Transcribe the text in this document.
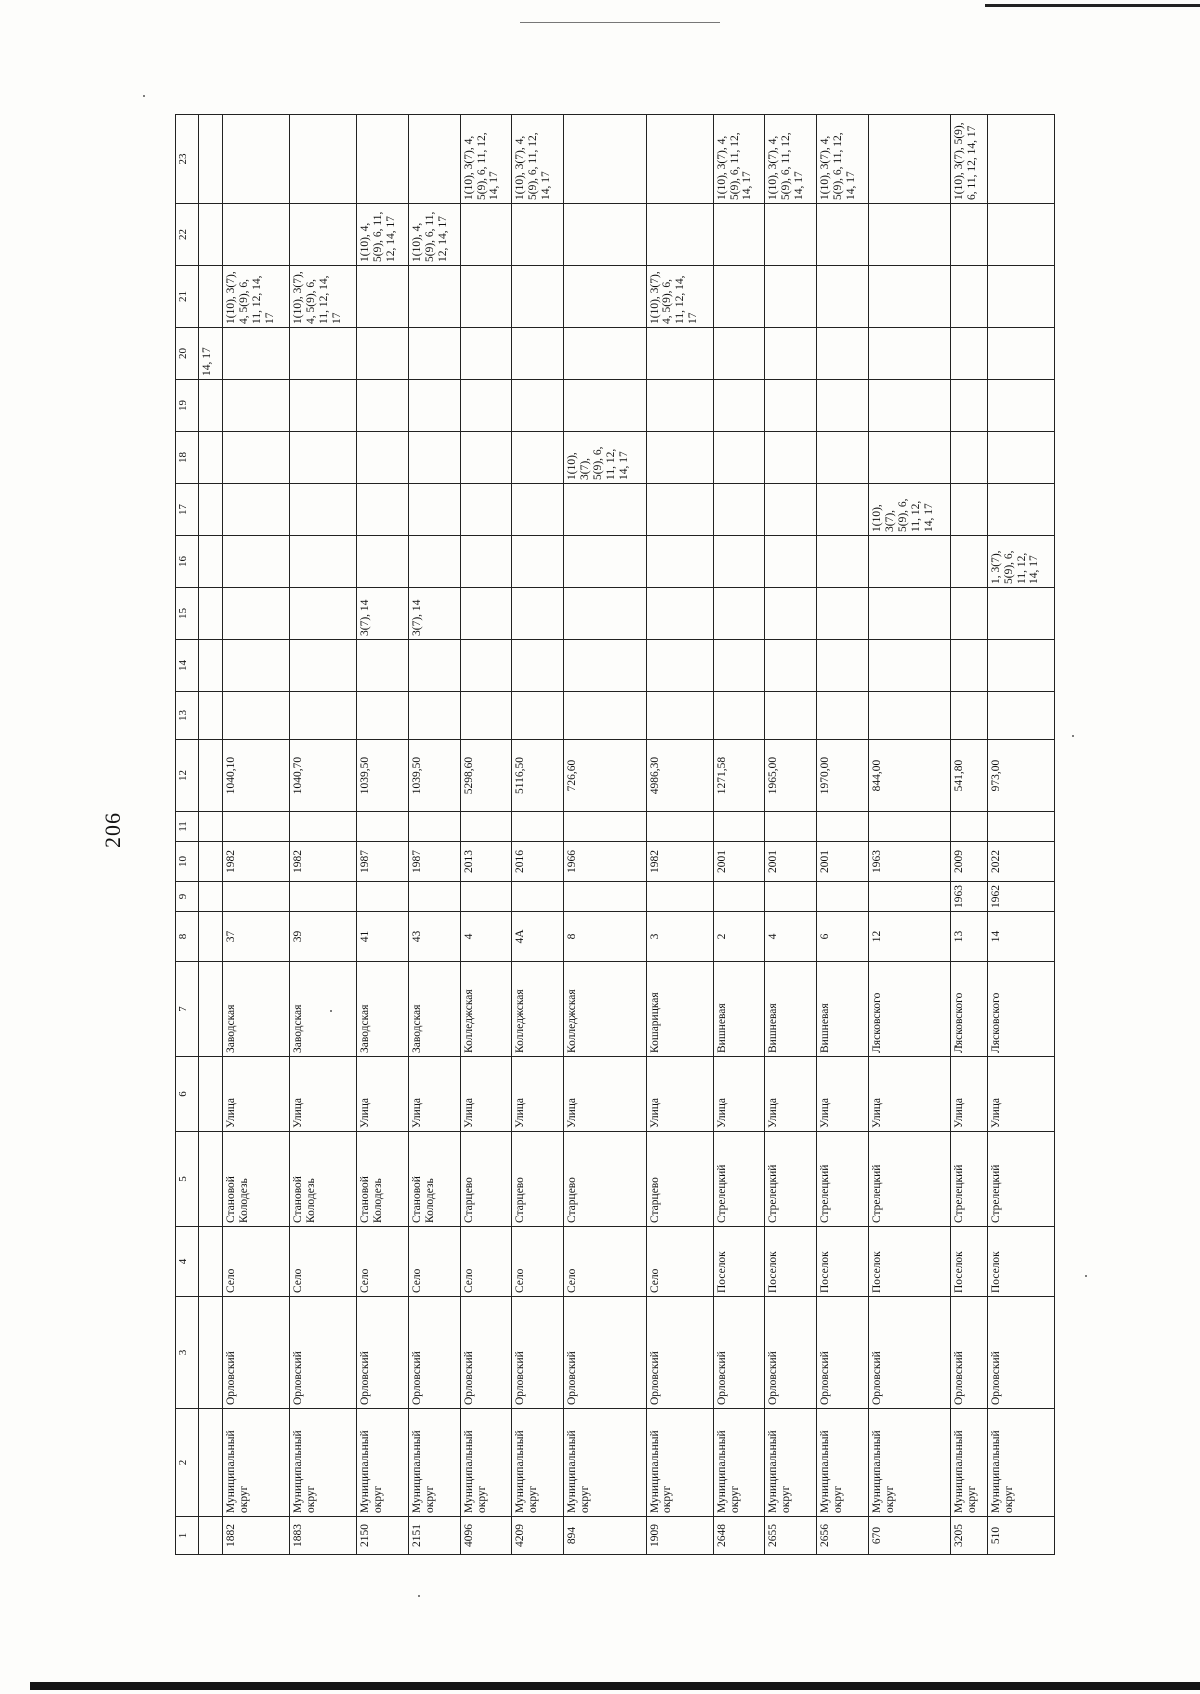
206
1	2	3	4	5	6	7	8	9	10	11	12	13	14	15	16	17	18	19	20	21	22	23
																			14, 17			
1882	Муниципальный округ	Орловский	Село	Становой Колодезь	Улица	Заводская	37		1982		1040,10									1(10), 3(7), 4, 5(9), 6, 11, 12, 14, 17		
1883	Муниципальный округ	Орловский	Село	Становой Колодезь	Улица	Заводская	39		1982		1040,70									1(10), 3(7), 4, 5(9), 6, 11, 12, 14, 17		
2150	Муниципальный округ	Орловский	Село	Становой Колодезь	Улица	Заводская	41		1987		1039,50			3(7), 14							1(10), 4, 5(9), 6, 11, 12, 14, 17	
2151	Муниципальный округ	Орловский	Село	Становой Колодезь	Улица	Заводская	43		1987		1039,50			3(7), 14							1(10), 4, 5(9), 6, 11, 12, 14, 17	
4096	Муниципальный округ	Орловский	Село	Старцево	Улица	Колледжская	4		2013		5298,60											1(10), 3(7), 4, 5(9), 6, 11, 12, 14, 17
4209	Муниципальный округ	Орловский	Село	Старцево	Улица	Колледжская	4А		2016		5116,50											1(10), 3(7), 4, 5(9), 6, 11, 12, 14, 17
894	Муниципальный округ	Орловский	Село	Старцево	Улица	Колледжская	8		1966		726,60						1(10), 3(7), 5(9), 6, 11, 12, 14, 17					
1909	Муниципальный округ	Орловский	Село	Старцево	Улица	Кошарицкая	3		1982		4986,30									1(10), 3(7), 4, 5(9), 6, 11, 12, 14, 17		
2648	Муниципальный округ	Орловский	Поселок	Стрелецкий	Улица	Вишневая	2		2001		1271,58											1(10), 3(7), 4, 5(9), 6, 11, 12, 14, 17
2655	Муниципальный округ	Орловский	Поселок	Стрелецкий	Улица	Вишневая	4		2001		1965,00											1(10), 3(7), 4, 5(9), 6, 11, 12, 14, 17
2656	Муниципальный округ	Орловский	Поселок	Стрелецкий	Улица	Вишневая	6		2001		1970,00											1(10), 3(7), 4, 5(9), 6, 11, 12, 14, 17
670	Муниципальный округ	Орловский	Поселок	Стрелецкий	Улица	Лясковского	12		1963		844,00					1(10), 3(7), 5(9), 6, 11, 12, 14, 17						
3205	Муниципальный округ	Орловский	Поселок	Стрелецкий	Улица	Лясковского	13	1963	2009		541,80											1(10), 3(7), 5(9), 6, 11, 12, 14, 17
510	Муниципальный округ	Орловский	Поселок	Стрелецкий	Улица	Лясковского	14	1962	2022		973,00				1, 3(7), 5(9), 6, 11, 12, 14, 17							
